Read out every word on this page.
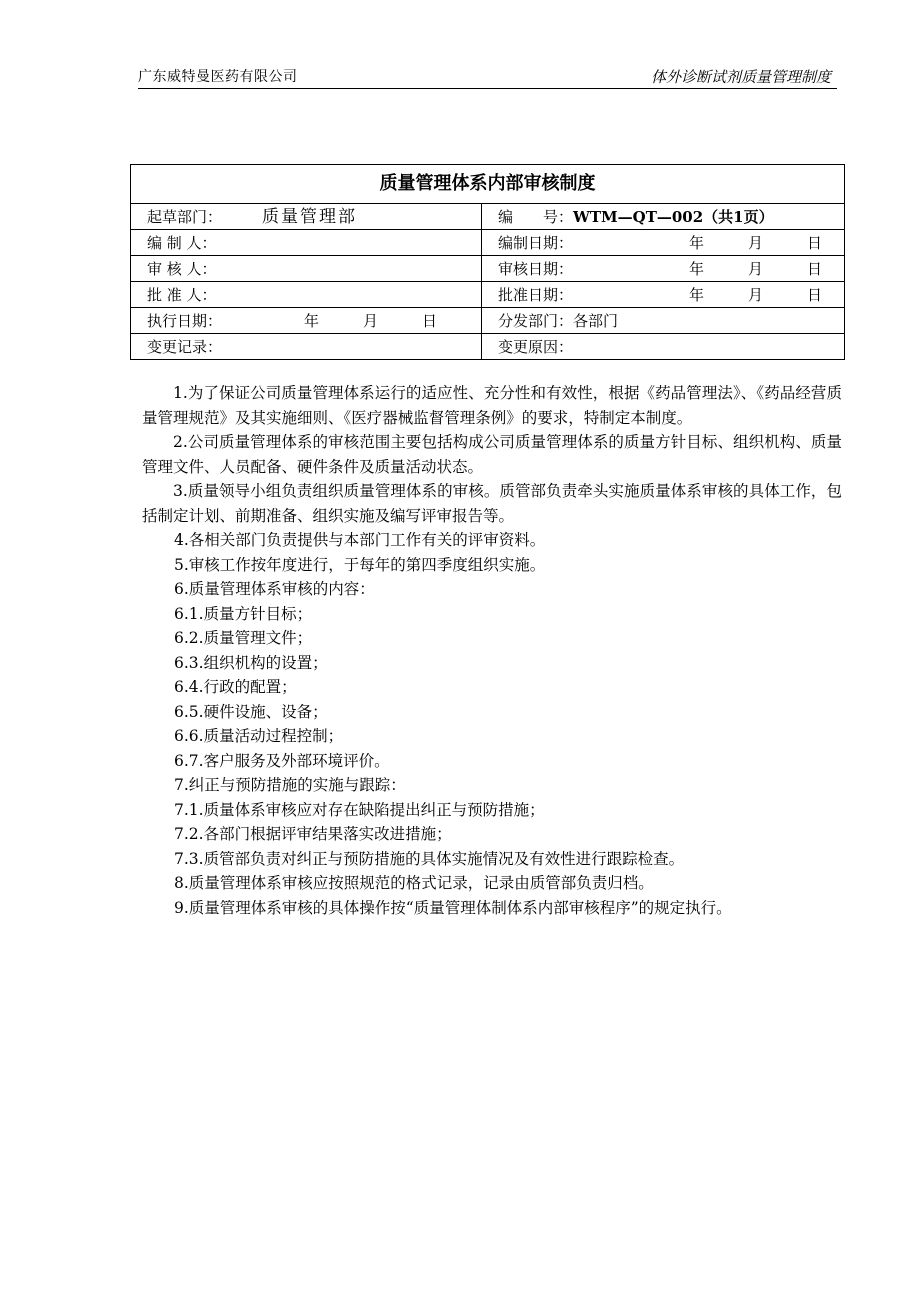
广东威特曼医药有限公司	体外诊断试剂质量管理制度
质量管理体系内部审核制度	
起草部门： 质量管理部	编　　号：WTM—QT—002（共1页）
编 制 人：	编制日期： 年 月 日

审 核 人：	审核日期： 年 月 日

批 准 人：	批准日期： 年 月 日

执行日期： 年 月 日	分发部门：各部门
变更记录：	变更原因：

1.为了保证公司质量管理体系运行的适应性、充分性和有效性，根据《药品管理法》、《药品经营质量管理规范》及其实施细则、《医疗器械监督管理条例》的要求，特制定本制度。

2.公司质量管理体系的审核范围主要包括构成公司质量管理体系的质量方针目标、组织机构、质量管理文件、人员配备、硬件条件及质量活动状态。

3.质量领导小组负责组织质量管理体系的审核。质管部负责牵头实施质量体系审核的具体工作，包括制定计划、前期准备、组织实施及编写评审报告等。

4.各相关部门负责提供与本部门工作有关的评审资料。

5.审核工作按年度进行，于每年的第四季度组织实施。

6.质量管理体系审核的内容：

6.1.质量方针目标；

6.2.质量管理文件；

6.3.组织机构的设置；

6.4.行政的配置；

6.5.硬件设施、设备；

6.6.质量活动过程控制；

6.7.客户服务及外部环境评价。

7.纠正与预防措施的实施与跟踪：

7.1.质量体系审核应对存在缺陷提出纠正与预防措施；

7.2.各部门根据评审结果落实改进措施；

7.3.质管部负责对纠正与预防措施的具体实施情况及有效性进行跟踪检查。

8.质量管理体系审核应按照规范的格式记录，记录由质管部负责归档。

9.质量管理体系审核的具体操作按“质量管理体制体系内部审核程序”的规定执行。
